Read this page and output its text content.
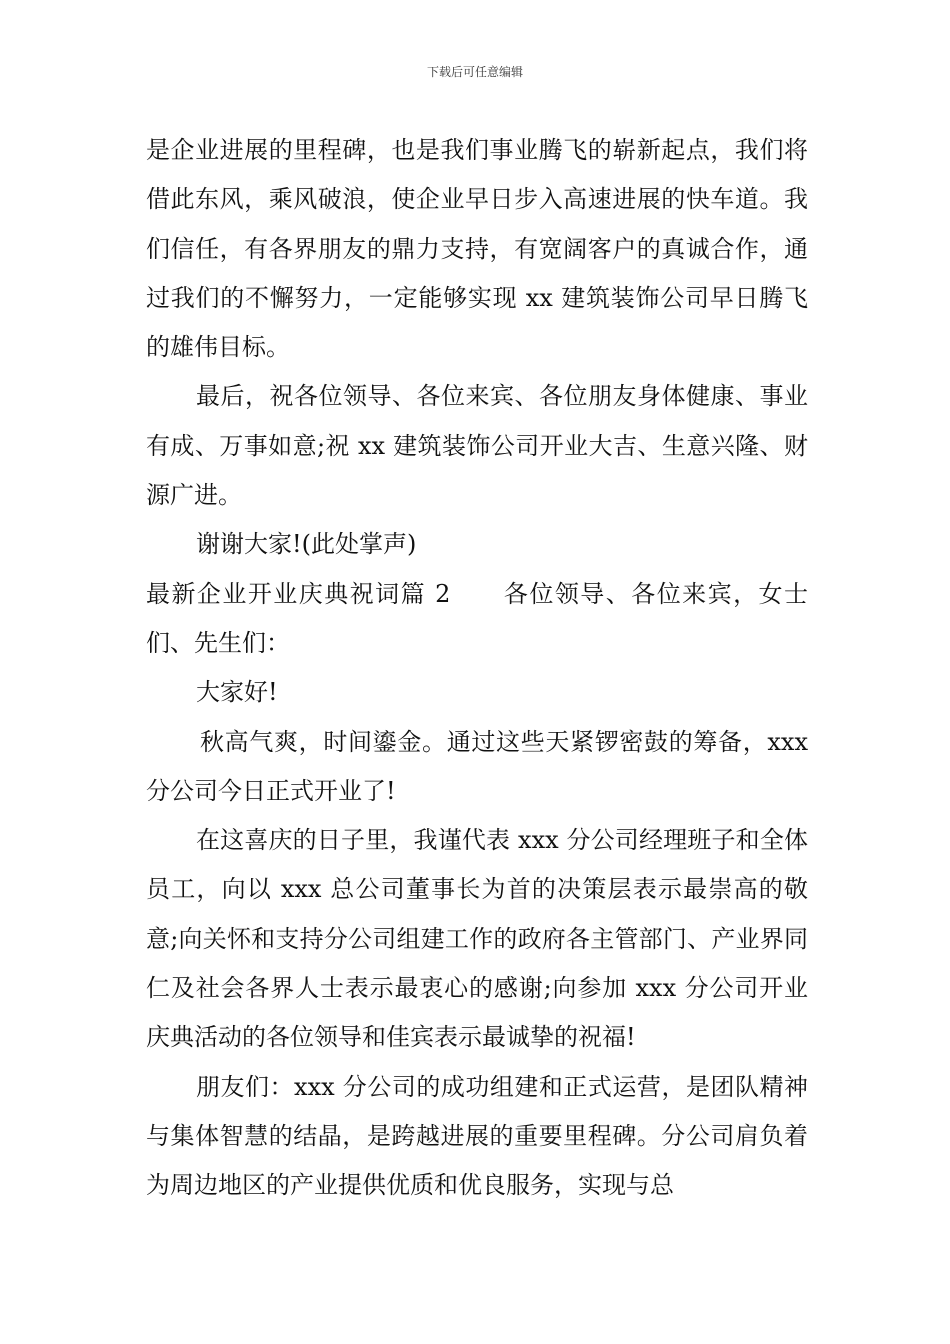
下载后可任意编辑

是企业进展的里程碑，也是我们事业腾飞的崭新起点，我们将借此东风，乘风破浪，使企业早日步入高速进展的快车道。我们信任，有各界朋友的鼎力支持，有宽阔客户的真诚合作，通过我们的不懈努力，一定能够实现 xx 建筑装饰公司早日腾飞的雄伟目标。

最后，祝各位领导、各位来宾、各位朋友身体健康、事业有成、万事如意;祝 xx 建筑装饰公司开业大吉、生意兴隆、财源广进。

谢谢大家!(此处掌声)

最新企业开业庆典祝词篇 2 各位领导、各位来宾，女士们、先生们：

大家好!

秋高气爽，时间鎏金。通过这些天紧锣密鼓的筹备，xxx 分公司今日正式开业了!

在这喜庆的日子里，我谨代表 xxx 分公司经理班子和全体员工，向以 xxx 总公司董事长为首的决策层表示最崇高的敬意;向关怀和支持分公司组建工作的政府各主管部门、产业界同仁及社会各界人士表示最衷心的感谢;向参加 xxx 分公司开业庆典活动的各位领导和佳宾表示最诚挚的祝福!

朋友们：xxx 分公司的成功组建和正式运营，是团队精神与集体智慧的结晶，是跨越进展的重要里程碑。分公司肩负着为周边地区的产业提供优质和优良服务，实现与总
